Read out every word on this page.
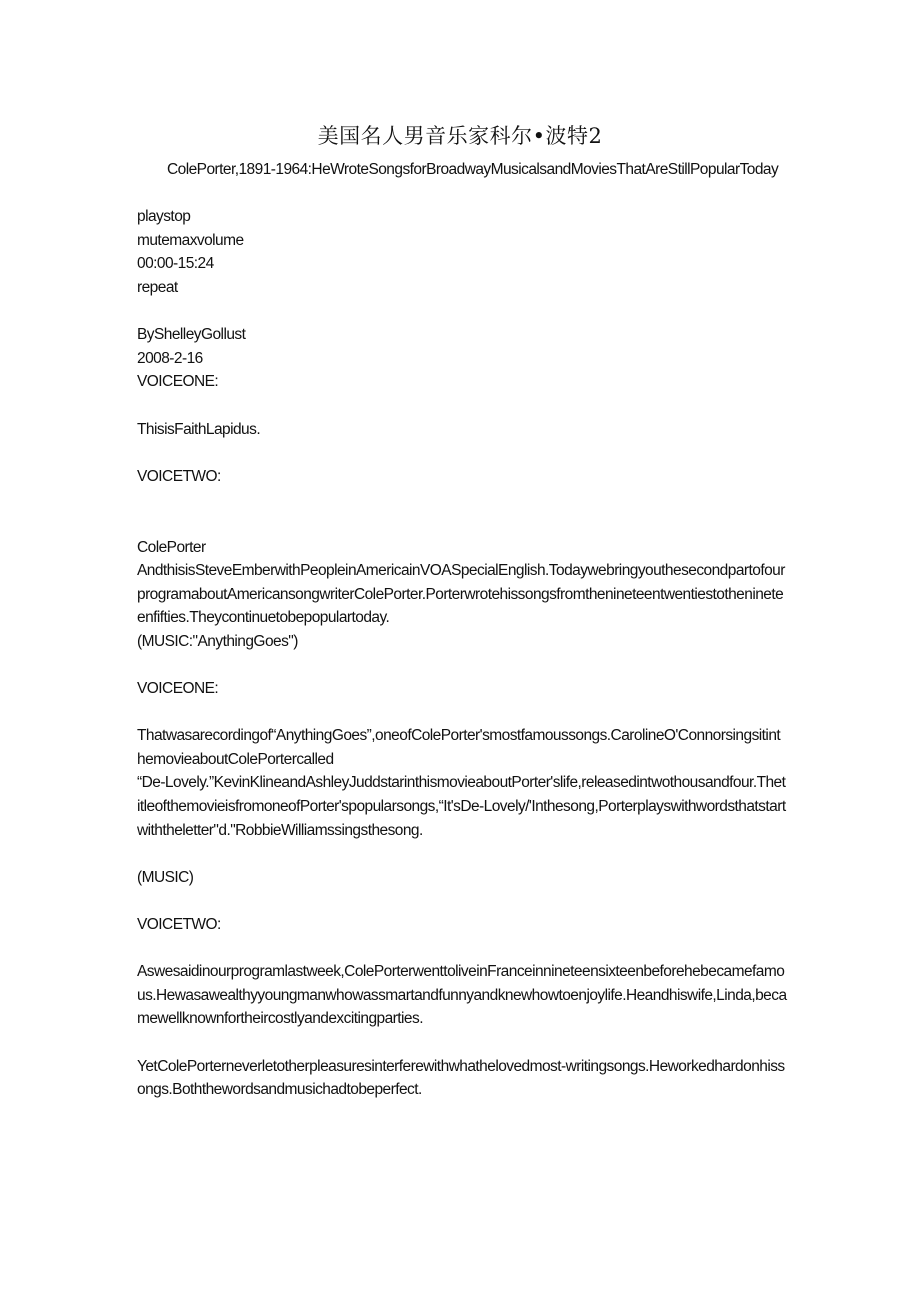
美国名人男音乐家科尔•波特2

ColePorter,1891-1964:HeWroteSongsforBroadwayMusicalsandMoviesThatAreStillPopularToday

playstop

mutemaxvolume

00:00-15:24

repeat

ByShelleyGollust

2008-2-16

VOICEONE:

ThisisFaithLapidus.

VOICETWO:

ColePorter

AndthisisSteveEmberwithPeopleinAmericainVOASpecialEnglish.TodaywebringyouthesecondpartofourprogramaboutAmericansongwriterColePorter.Porterwrotehissongsfromthenineteentwentiestothenineteenfifties.Theycontinuetobepopulartoday.

(MUSIC:"AnythingGoes")

VOICEONE:

Thatwasarecordingof“AnythingGoes”,oneofColePorter'smostfamoussongs.CarolineO'ConnorsingsitinthemovieaboutColePortercalled

“De-Lovely.”KevinKlineandAshleyJuddstarinthismovieaboutPorter'slife,releasedintwothousandfour.ThetitleofthemovieisfromoneofPorter'spopularsongs,“It'sDe-Lovely/'Inthesong,Porterplayswithwordsthatstartwiththeletter"d."RobbieWilliamssingsthesong.

(MUSIC)

VOICETWO:

Aswesaidinourprogramlastweek,ColePorterwenttoliveinFranceinnineteensixteenbeforehebecamefamous.Hewasawealthyyoungmanwhowassmartandfunnyandknewhowtoenjoylife.Heandhiswife,Linda,becamewellknownfortheircostlyandexcitingparties.

YetColePorterneverletotherpleasuresinterferewithwhathelovedmost-writingsongs.Heworkedhardonhissongs.Boththewordsandmusichadtobeperfect.
